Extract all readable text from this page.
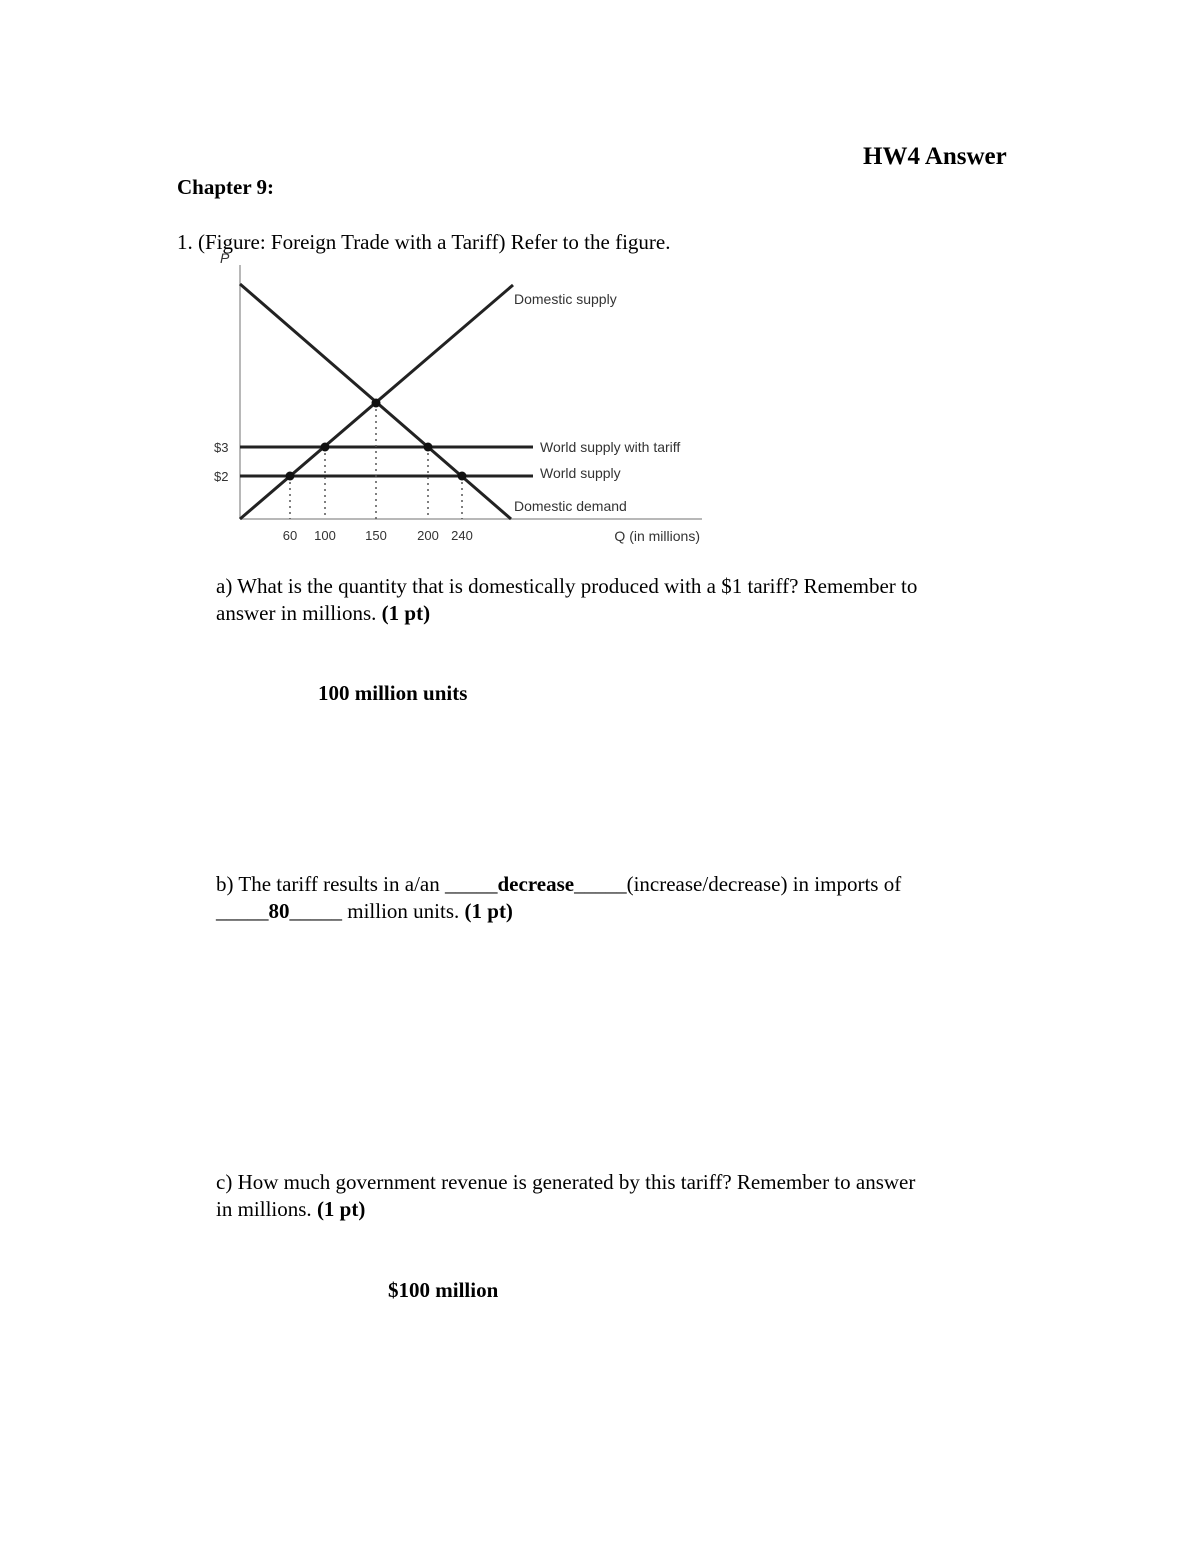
HW4 Answer
Chapter 9:
1. (Figure: Foreign Trade with a Tariff) Refer to the figure.
P
$3
$2
60 100 150 200 240	Q (in millions)
Domestic supply
World supply with tariff
World supply
Domestic demand
a) What is the quantity that is domestically produced with a $1 tariff? Remember to
answer in millions. (1 pt)
100 million units
b) The tariff results in a/an _____decrease_____(increase/decrease) in imports of
_____80_____ million units. (1 pt)
c) How much government revenue is generated by this tariff? Remember to answer
in millions. (1 pt)
$100 million
